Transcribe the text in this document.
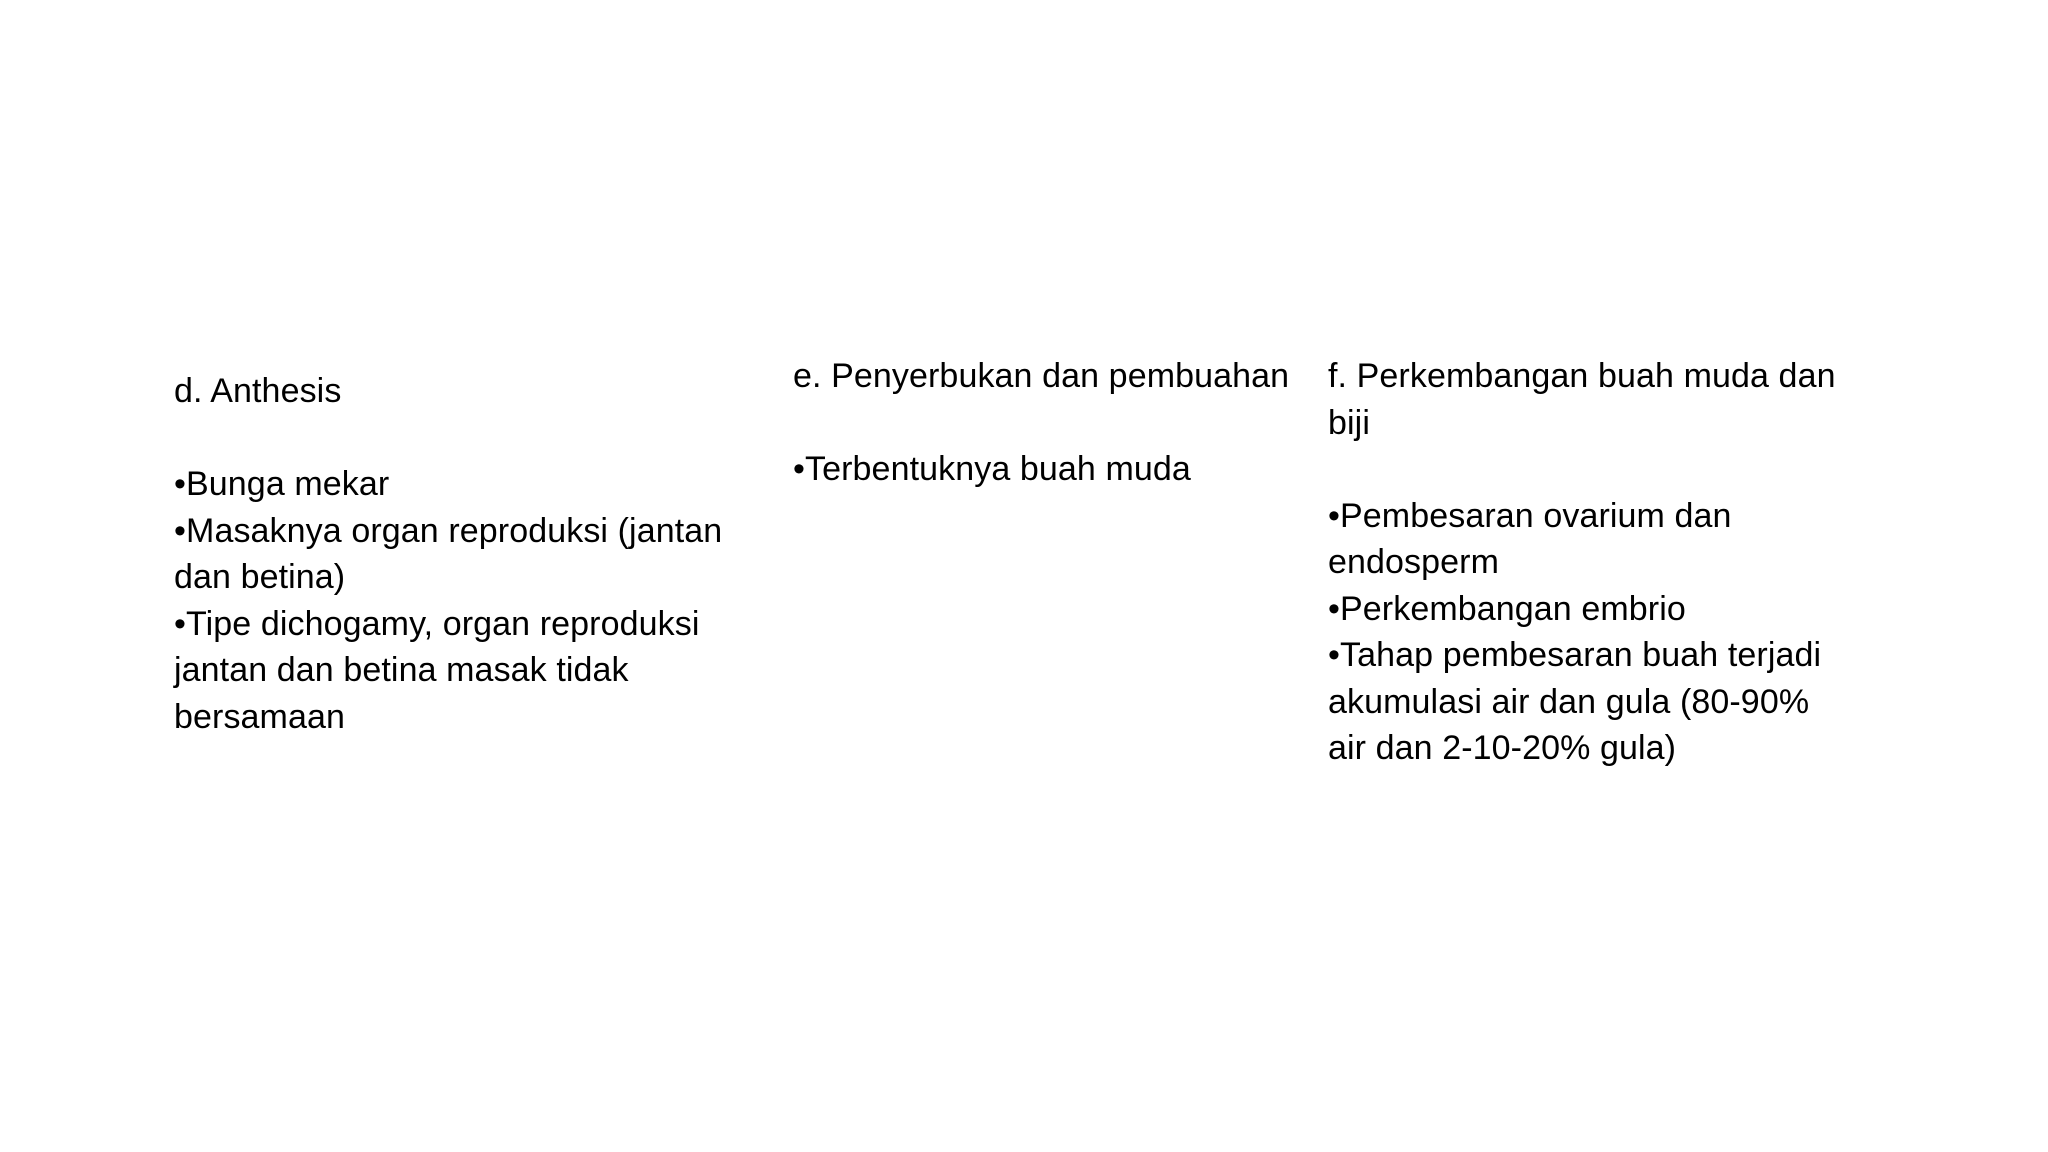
d. Anthesis
• Bunga mekar
• Masaknya organ reproduksi (jantan dan betina)
• Tipe dichogamy, organ reproduksi jantan dan betina masak tidak bersamaan
e. Penyerbukan dan pembuahan
• Terbentuknya buah muda
f. Perkembangan buah muda dan biji
• Pembesaran ovarium dan endosperm
• Perkembangan embrio
• Tahap pembesaran buah terjadi akumulasi air dan gula (80-90% air dan 2-10-20% gula)
